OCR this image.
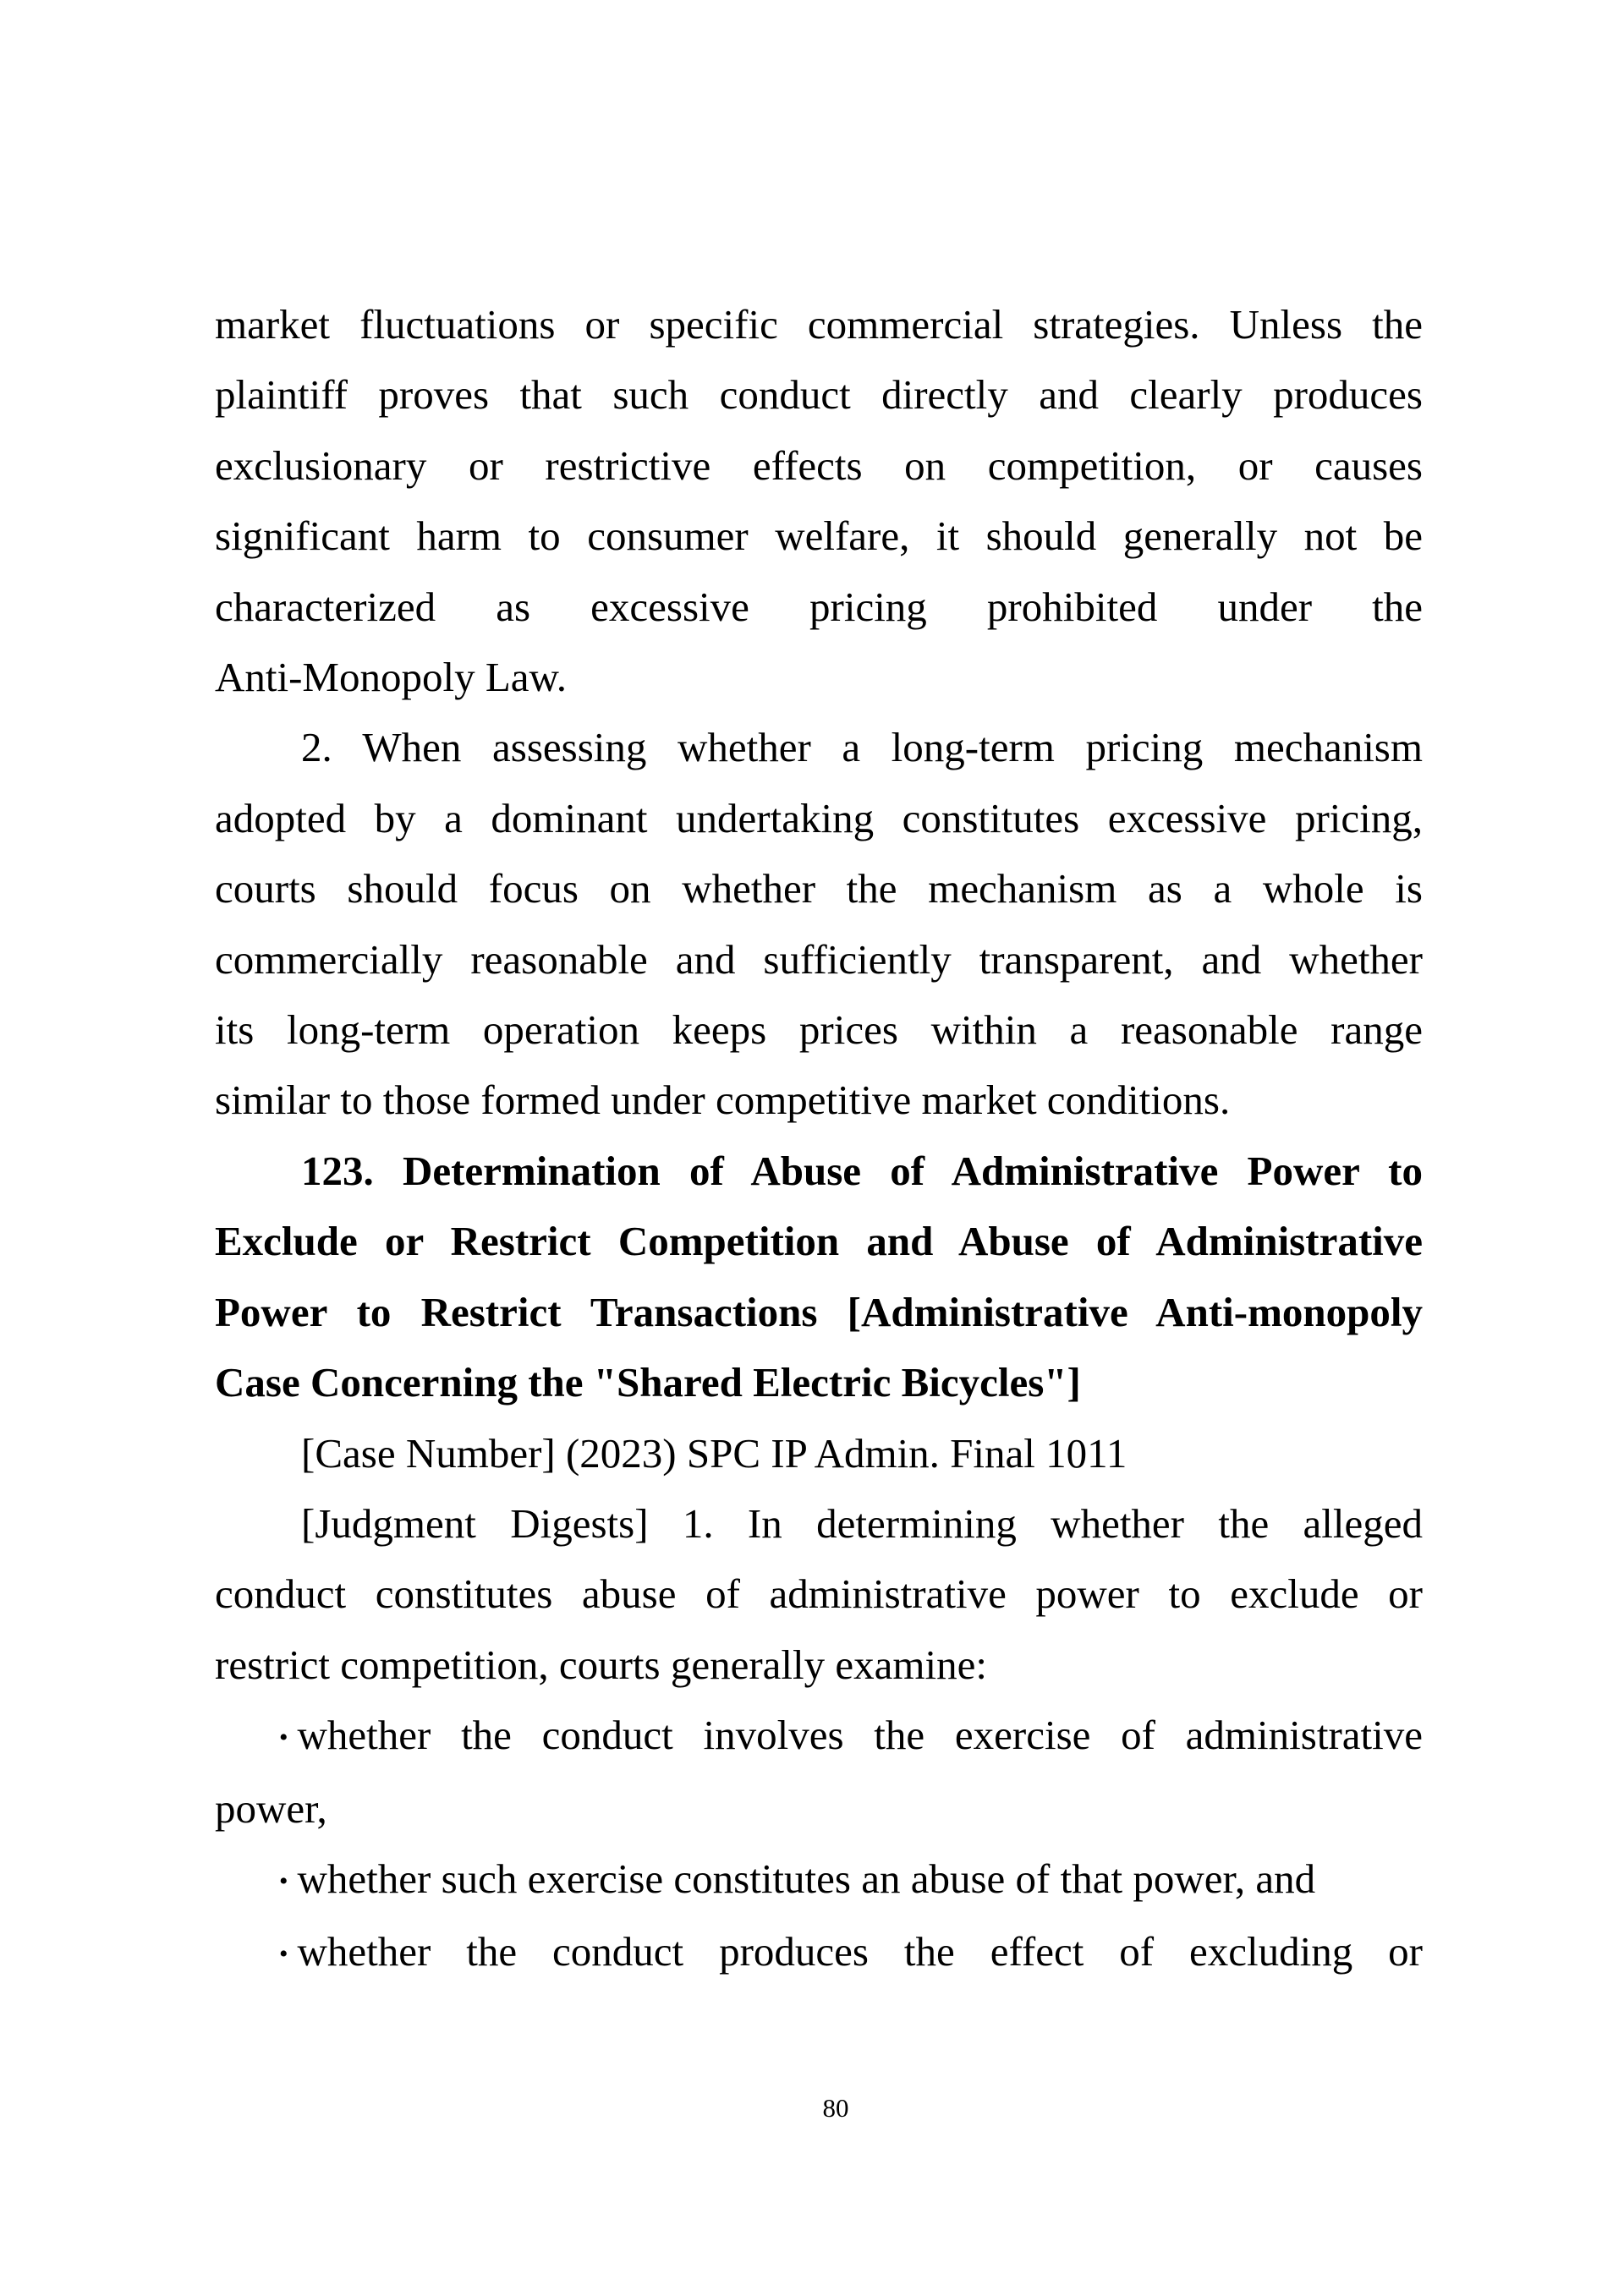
market fluctuations or specific commercial strategies. Unless the
plaintiff proves that such conduct directly and clearly produces
exclusionary or restrictive effects on competition, or causes
significant harm to consumer welfare, it should generally not be
characterized as excessive pricing prohibited under the
Anti-Monopoly Law.
2. When assessing whether a long-term pricing mechanism
adopted by a dominant undertaking constitutes excessive pricing,
courts should focus on whether the mechanism as a whole is
commercially reasonable and sufficiently transparent, and whether
its long-term operation keeps prices within a reasonable range
similar to those formed under competitive market conditions.
123. Determination of Abuse of Administrative Power to
Exclude or Restrict Competition and Abuse of Administrative
Power to Restrict Transactions [Administrative Anti-monopoly
Case Concerning the "Shared Electric Bicycles"]
[Case Number] (2023) SPC IP Admin. Final 1011
[Judgment Digests] 1. In determining whether the alleged
conduct constitutes abuse of administrative power to exclude or
restrict competition, courts generally examine:
• whether the conduct involves the exercise of administrative
power,
• whether such exercise constitutes an abuse of that power, and
• whether the conduct produces the effect of excluding or
80
